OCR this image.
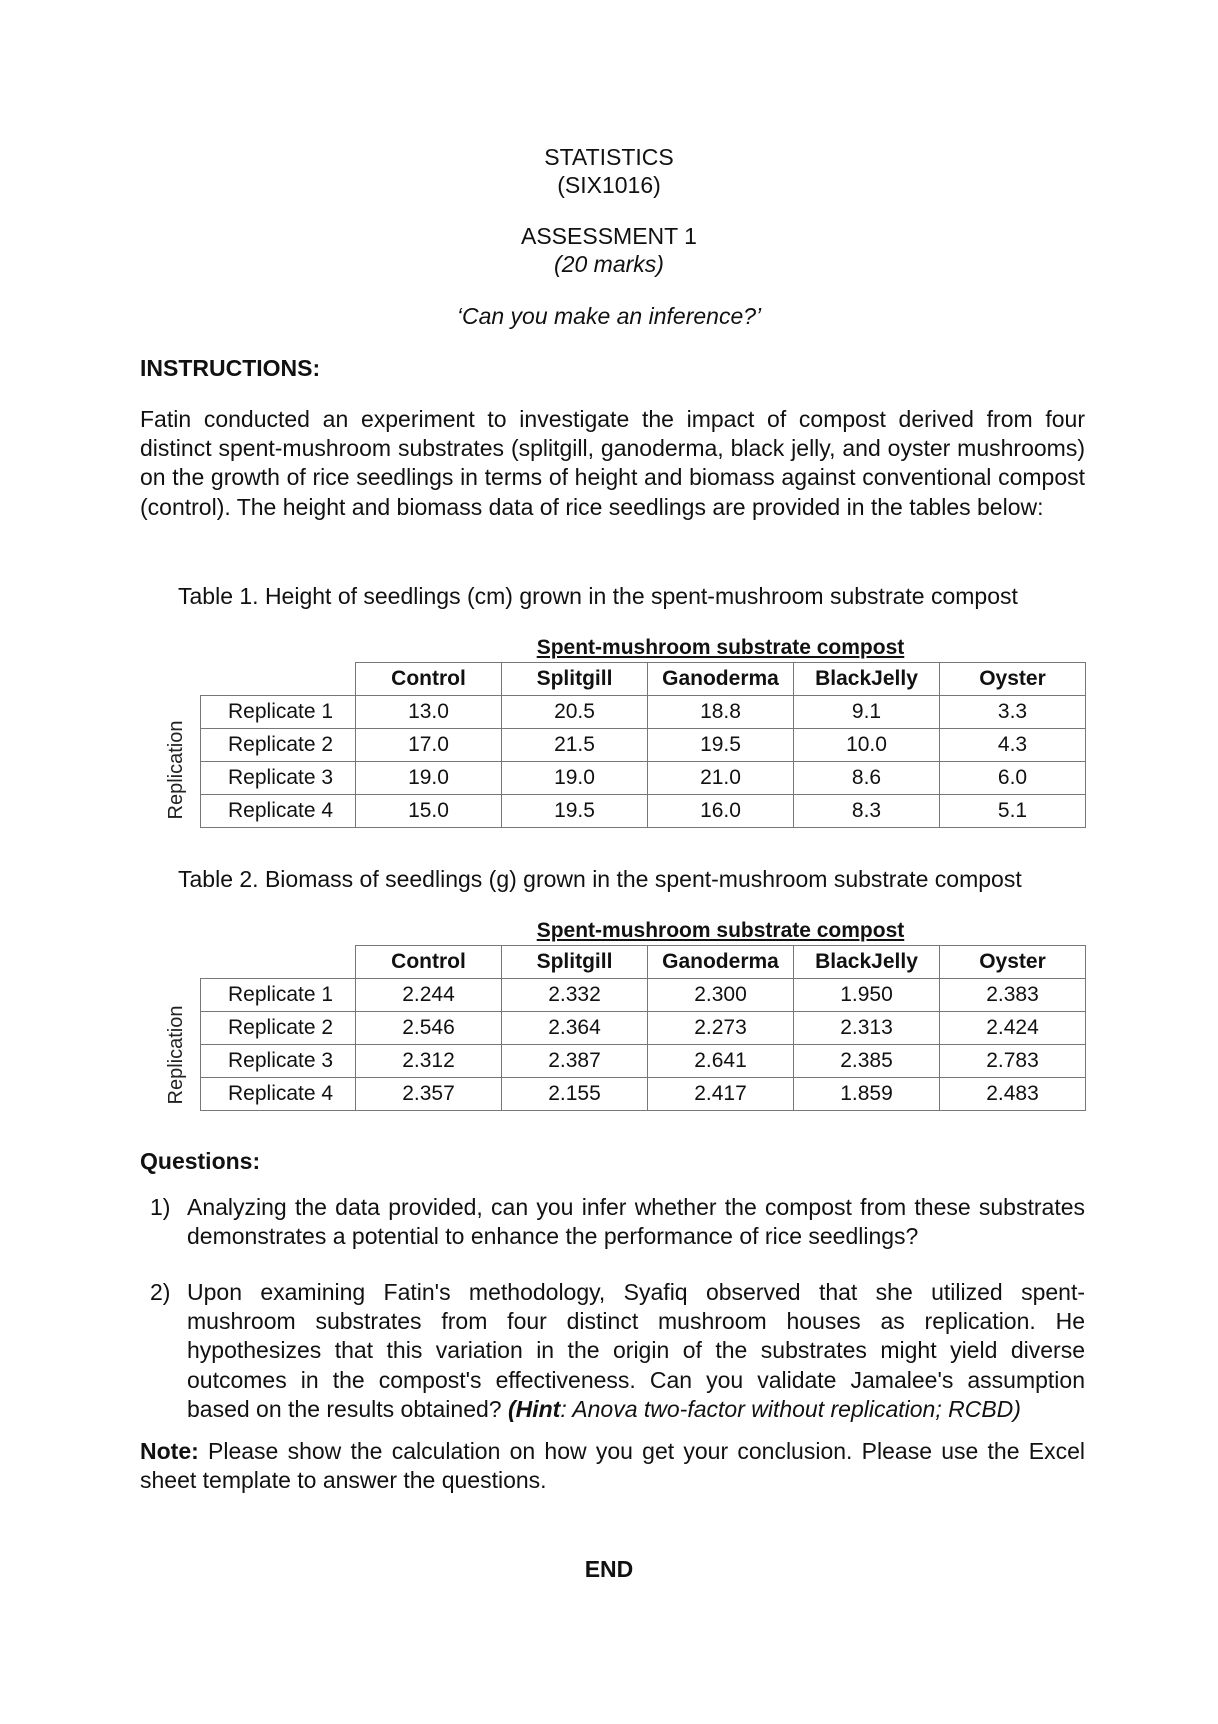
STATISTICS
(SIX1016)
ASSESSMENT 1
(20 marks)
‘Can you make an inference?’
INSTRUCTIONS:
Fatin conducted an experiment to investigate the impact of compost derived from four distinct spent-mushroom substrates (splitgill, ganoderma, black jelly, and oyster mushrooms) on the growth of rice seedlings in terms of height and biomass against conventional compost (control). The height and biomass data of rice seedlings are provided in the tables below:
Table 1. Height of seedlings (cm) grown in the spent-mushroom substrate compost
Replication
		Spent-mushroom substrate compost			
	Control	Splitgill	Ganoderma	BlackJelly	Oyster
Replicate 1	13.0	20.5	18.8	9.1	3.3
Replicate 2	17.0	21.5	19.5	10.0	4.3
Replicate 3	19.0	19.0	21.0	8.6	6.0
Replicate 4	15.0	19.5	16.0	8.3	5.1
Table 2. Biomass of seedlings (g) grown in the spent-mushroom substrate compost
Replication
		Spent-mushroom substrate compost			
	Control	Splitgill	Ganoderma	BlackJelly	Oyster
Replicate 1	2.244	2.332	2.300	1.950	2.383
Replicate 2	2.546	2.364	2.273	2.313	2.424
Replicate 3	2.312	2.387	2.641	2.385	2.783
Replicate 4	2.357	2.155	2.417	1.859	2.483
Questions:
1) Analyzing the data provided, can you infer whether the compost from these substrates demonstrates a potential to enhance the performance of rice seedlings?
2) Upon examining Fatin's methodology, Syafiq observed that she utilized spent-mushroom substrates from four distinct mushroom houses as replication. He hypothesizes that this variation in the origin of the substrates might yield diverse outcomes in the compost's effectiveness. Can you validate Jamalee's assumption based on the results obtained? (Hint: Anova two-factor without replication; RCBD)
Note: Please show the calculation on how you get your conclusion. Please use the Excel sheet template to answer the questions.
END
